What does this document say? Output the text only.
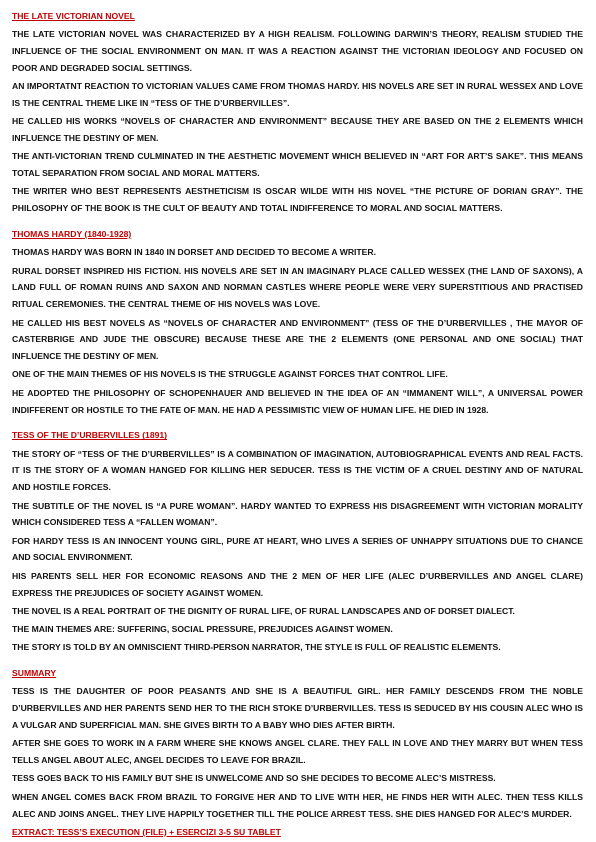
THE LATE VICTORIAN NOVEL
THE LATE VICTORIAN NOVEL WAS CHARACTERIZED BY A HIGH REALISM. FOLLOWING DARWIN’S THEORY, REALISM STUDIED THE INFLUENCE OF THE SOCIAL ENVIRONMENT ON MAN. IT WAS A REACTION AGAINST THE VICTORIAN IDEOLOGY AND FOCUSED ON POOR AND DEGRADED SOCIAL SETTINGS.
AN IMPORTATNT REACTION TO VICTORIAN VALUES CAME FROM THOMAS HARDY. HIS NOVELS ARE SET IN RURAL WESSEX AND LOVE IS THE CENTRAL THEME LIKE IN “TESS OF THE D’URBERVILLES”.
HE CALLED HIS WORKS “NOVELS OF CHARACTER AND ENVIRONMENT” BECAUSE THEY ARE BASED ON THE 2 ELEMENTS WHICH INFLUENCE THE DESTINY OF MEN.
THE ANTI-VICTORIAN TREND CULMINATED IN THE AESTHETIC MOVEMENT WHICH BELIEVED IN “ART FOR ART’S SAKE”. THIS MEANS TOTAL SEPARATION FROM SOCIAL AND MORAL MATTERS.
THE WRITER WHO BEST REPRESENTS AESTHETICISM IS OSCAR WILDE WITH HIS NOVEL “THE PICTURE OF DORIAN GRAY”. THE PHILOSOPHY OF THE BOOK IS THE CULT OF BEAUTY AND TOTAL INDIFFERENCE TO MORAL AND SOCIAL MATTERS.
THOMAS HARDY (1840-1928)
THOMAS HARDY WAS BORN IN 1840 IN DORSET AND DECIDED TO BECOME A WRITER.
RURAL DORSET INSPIRED HIS FICTION. HIS NOVELS ARE SET IN AN IMAGINARY PLACE CALLED WESSEX (THE LAND OF SAXONS), A LAND FULL OF ROMAN RUINS AND SAXON AND NORMAN CASTLES WHERE PEOPLE WERE VERY SUPERSTITIOUS AND PRACTISED RITUAL CEREMONIES. THE CENTRAL THEME OF HIS NOVELS WAS LOVE.
HE CALLED HIS BEST NOVELS AS “NOVELS OF CHARACTER AND ENVIRONMENT” (TESS OF THE D’URBERVILLES , THE MAYOR OF CASTERBRIGE AND JUDE THE OBSCURE) BECAUSE THESE ARE THE 2 ELEMENTS (ONE PERSONAL AND ONE SOCIAL) THAT INFLUENCE THE DESTINY OF MEN.
ONE OF THE MAIN THEMES OF HIS NOVELS IS THE STRUGGLE AGAINST FORCES THAT CONTROL LIFE.
HE ADOPTED THE PHILOSOPHY OF SCHOPENHAUER AND BELIEVED IN THE IDEA OF AN “IMMANENT WILL”, A UNIVERSAL POWER INDIFFERENT OR HOSTILE TO THE FATE OF MAN. HE HAD A PESSIMISTIC VIEW OF HUMAN LIFE. HE DIED IN 1928.
TESS OF THE D’URBERVILLES (1891)
THE STORY OF “TESS OF THE D’URBERVILLES” IS A COMBINATION OF IMAGINATION, AUTOBIOGRAPHICAL EVENTS AND REAL FACTS. IT IS THE STORY OF A WOMAN HANGED FOR KILLING HER SEDUCER. TESS IS THE VICTIM OF A CRUEL DESTINY AND OF NATURAL AND HOSTILE FORCES.
THE SUBTITLE OF THE NOVEL IS “A PURE WOMAN”. HARDY WANTED TO EXPRESS HIS DISAGREEMENT WITH VICTORIAN MORALITY WHICH CONSIDERED TESS A “FALLEN WOMAN”.
FOR HARDY TESS IS AN INNOCENT YOUNG GIRL, PURE AT HEART, WHO LIVES A SERIES OF UNHAPPY SITUATIONS DUE TO CHANCE AND SOCIAL ENVIRONMENT.
HIS PARENTS SELL HER FOR ECONOMIC REASONS AND THE 2 MEN OF HER LIFE (ALEC D’URBERVILLES AND ANGEL CLARE) EXPRESS THE PREJUDICES OF SOCIETY AGAINST WOMEN.
THE NOVEL IS A REAL PORTRAIT OF THE DIGNITY OF RURAL LIFE, OF RURAL LANDSCAPES AND OF DORSET DIALECT.
THE MAIN THEMES ARE: SUFFERING, SOCIAL PRESSURE, PREJUDICES AGAINST WOMEN.
THE STORY IS TOLD BY AN OMNISCIENT THIRD-PERSON NARRATOR, THE STYLE IS FULL OF REALISTIC ELEMENTS.
SUMMARY
TESS IS THE DAUGHTER OF POOR PEASANTS AND SHE IS A BEAUTIFUL GIRL. HER FAMILY DESCENDS FROM THE NOBLE D’URBERVILLES AND HER PARENTS SEND HER TO THE RICH STOKE D’URBERVILLES. TESS IS SEDUCED BY HIS COUSIN ALEC WHO IS A VULGAR AND SUPERFICIAL MAN. SHE GIVES BIRTH TO A BABY WHO DIES AFTER BIRTH.
AFTER SHE GOES TO WORK IN A FARM WHERE SHE KNOWS ANGEL CLARE. THEY FALL IN LOVE AND THEY MARRY BUT WHEN TESS TELLS ANGEL ABOUT ALEC, ANGEL DECIDES TO LEAVE FOR BRAZIL.
TESS GOES BACK TO HIS FAMILY BUT SHE IS UNWELCOME AND SO SHE DECIDES TO BECOME ALEC’S MISTRESS.
WHEN ANGEL COMES BACK FROM BRAZIL TO FORGIVE HER AND TO LIVE WITH HER, HE FINDS HER WITH ALEC. THEN TESS KILLS ALEC AND JOINS ANGEL. THEY LIVE HAPPILY TOGETHER TILL THE POLICE ARREST TESS. SHE DIES HANGED FOR ALEC’S MURDER.
EXTRACT: TESS’S EXECUTION (FILE) + ESERCIZI 3-5 SU TABLET
